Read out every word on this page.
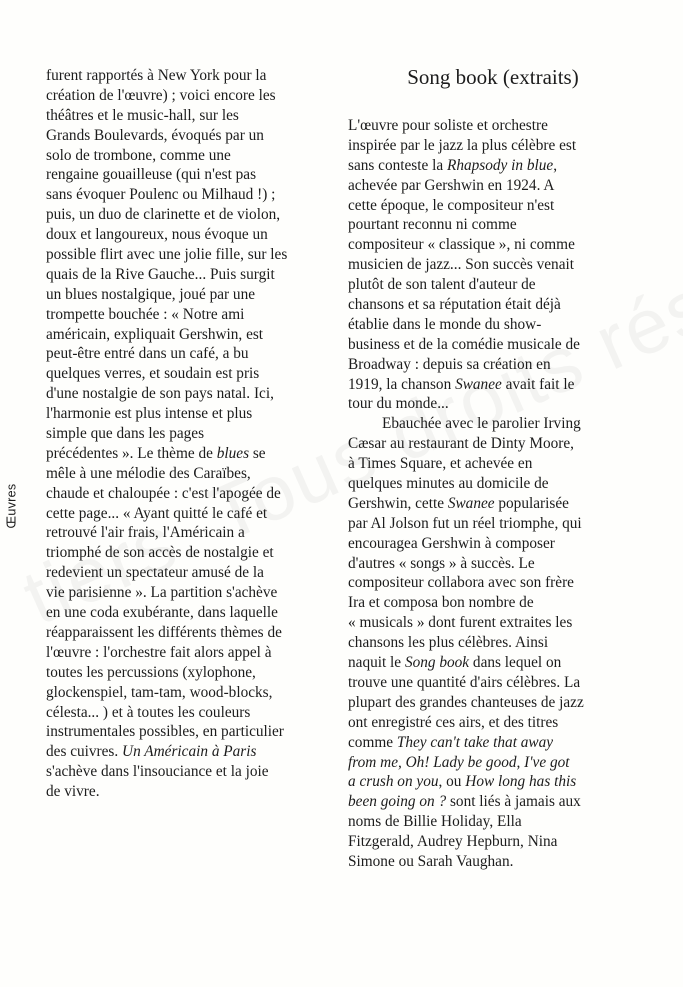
Œuvres
Song book (extraits)
furent rapportés à New York pour la
création de l'œuvre) ; voici encore les
théâtres et le music-hall, sur les
Grands Boulevards, évoqués par un
solo de trombone, comme une
rengaine gouailleuse (qui n'est pas
sans évoquer Poulenc ou Milhaud !) ;
puis, un duo de clarinette et de violon,
doux et langoureux, nous évoque un
possible flirt avec une jolie fille, sur les
quais de la Rive Gauche... Puis surgit
un blues nostalgique, joué par une
trompette bouchée : « Notre ami
américain, expliquait Gershwin, est
peut-être entré dans un café, a bu
quelques verres, et soudain est pris
d'une nostalgie de son pays natal. Ici,
l'harmonie est plus intense et plus
simple que dans les pages
précédentes ». Le thème de blues se
mêle à une mélodie des Caraïbes,
chaude et chaloupée : c'est l'apogée de
cette page... « Ayant quitté le café et
retrouvé l'air frais, l'Américain a
triomphé de son accès de nostalgie et
redevient un spectateur amusé de la
vie parisienne ». La partition s'achève
en une coda exubérante, dans laquelle
réapparaissent les différents thèmes de
l'œuvre : l'orchestre fait alors appel à
toutes les percussions (xylophone,
glockenspiel, tam-tam, wood-blocks,
célesta... ) et à toutes les couleurs
instrumentales possibles, en particulier
des cuivres. Un Américain à Paris
s'achève dans l'insouciance et la joie
de vivre.
L'œuvre pour soliste et orchestre
inspirée par le jazz la plus célèbre est
sans conteste la Rhapsody in blue,
achevée par Gershwin en 1924. A
cette époque, le compositeur n'est
pourtant reconnu ni comme
compositeur « classique », ni comme
musicien de jazz... Son succès venait
plutôt de son talent d'auteur de
chansons et sa réputation était déjà
établie dans le monde du show-
business et de la comédie musicale de
Broadway : depuis sa création en
1919, la chanson Swanee avait fait le
tour du monde...
Ebauchée avec le parolier Irving
Cæsar au restaurant de Dinty Moore,
à Times Square, et achevée en
quelques minutes au domicile de
Gershwin, cette Swanee popularisée
par Al Jolson fut un réel triomphe, qui
encouragea Gershwin à composer
d'autres « songs » à succès. Le
compositeur collabora avec son frère
Ira et composa bon nombre de
« musicals » dont furent extraites les
chansons les plus célèbres. Ainsi
naquit le Song book dans lequel on
trouve une quantité d'airs célèbres. La
plupart des grandes chanteuses de jazz
ont enregistré ces airs, et des titres
comme They can't take that away
from me, Oh! Lady be good, I've got
a crush on you, ou How long has this
been going on ? sont liés à jamais aux
noms de Billie Holiday, Ella
Fitzgerald, Audrey Hepburn, Nina
Simone ou Sarah Vaughan.
